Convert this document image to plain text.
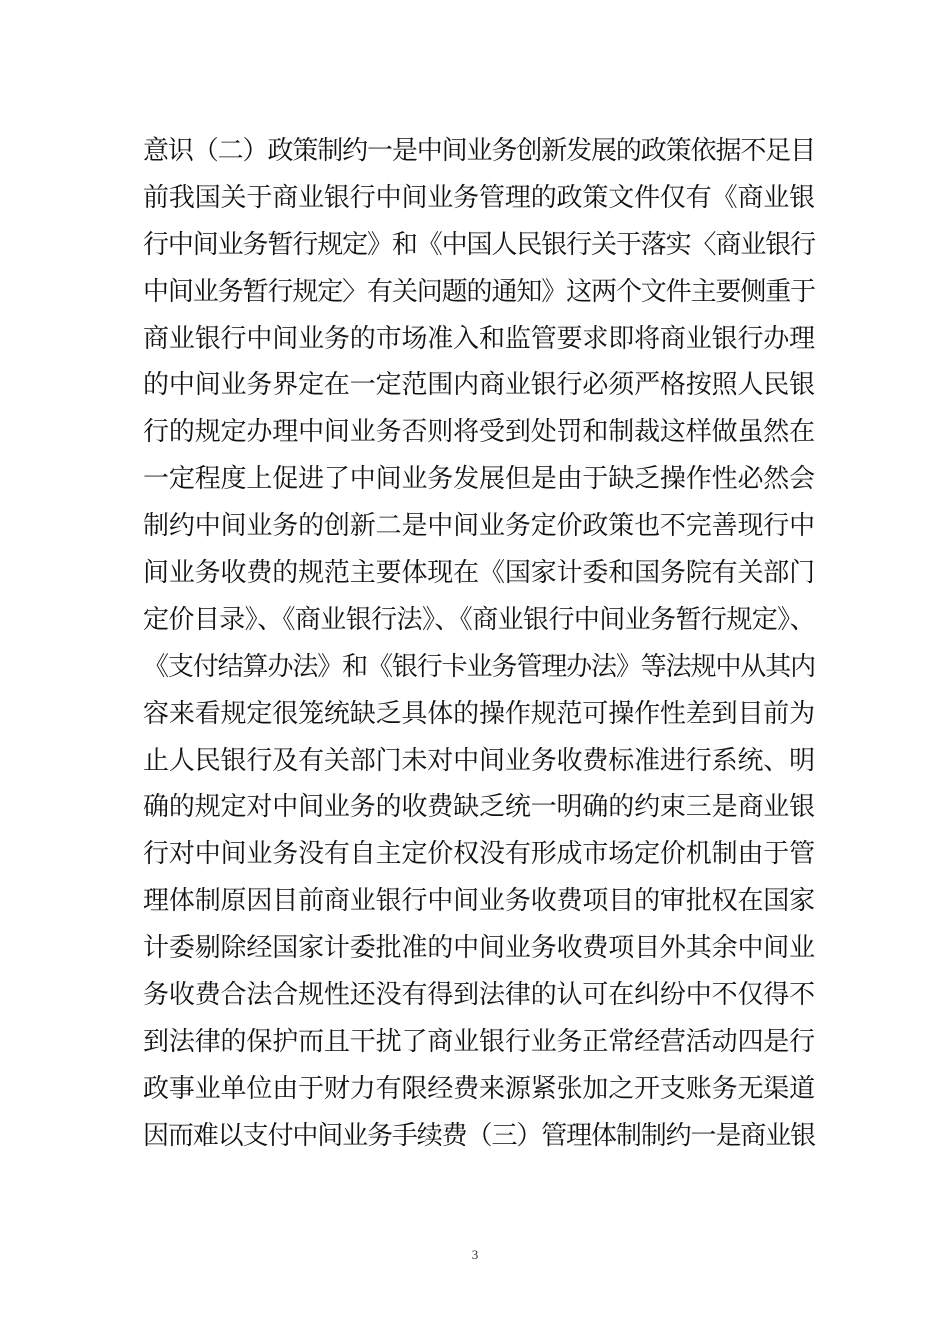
意识（二）政策制约一是中间业务创新发展的政策依据不足目
前我国关于商业银行中间业务管理的政策文件仅有《商业银
行中间业务暂行规定》和《中国人民银行关于落实〈商业银行
中间业务暂行规定〉有关问题的通知》这两个文件主要侧重于
商业银行中间业务的市场准入和监管要求即将商业银行办理
的中间业务界定在一定范围内商业银行必须严格按照人民银
行的规定办理中间业务否则将受到处罚和制裁这样做虽然在
一定程度上促进了中间业务发展但是由于缺乏操作性必然会
制约中间业务的创新二是中间业务定价政策也不完善现行中
间业务收费的规范主要体现在《国家计委和国务院有关部门
定价目录》、《商业银行法》、《商业银行中间业务暂行规定》、
《支付结算办法》和《银行卡业务管理办法》等法规中从其内
容来看规定很笼统缺乏具体的操作规范可操作性差到目前为
止人民银行及有关部门未对中间业务收费标准进行系统、明
确的规定对中间业务的收费缺乏统一明确的约束三是商业银
行对中间业务没有自主定价权没有形成市场定价机制由于管
理体制原因目前商业银行中间业务收费项目的审批权在国家
计委剔除经国家计委批准的中间业务收费项目外其余中间业
务收费合法合规性还没有得到法律的认可在纠纷中不仅得不
到法律的保护而且干扰了商业银行业务正常经营活动四是行
政事业单位由于财力有限经费来源紧张加之开支账务无渠道
因而难以支付中间业务手续费（三）管理体制制约一是商业银
3
